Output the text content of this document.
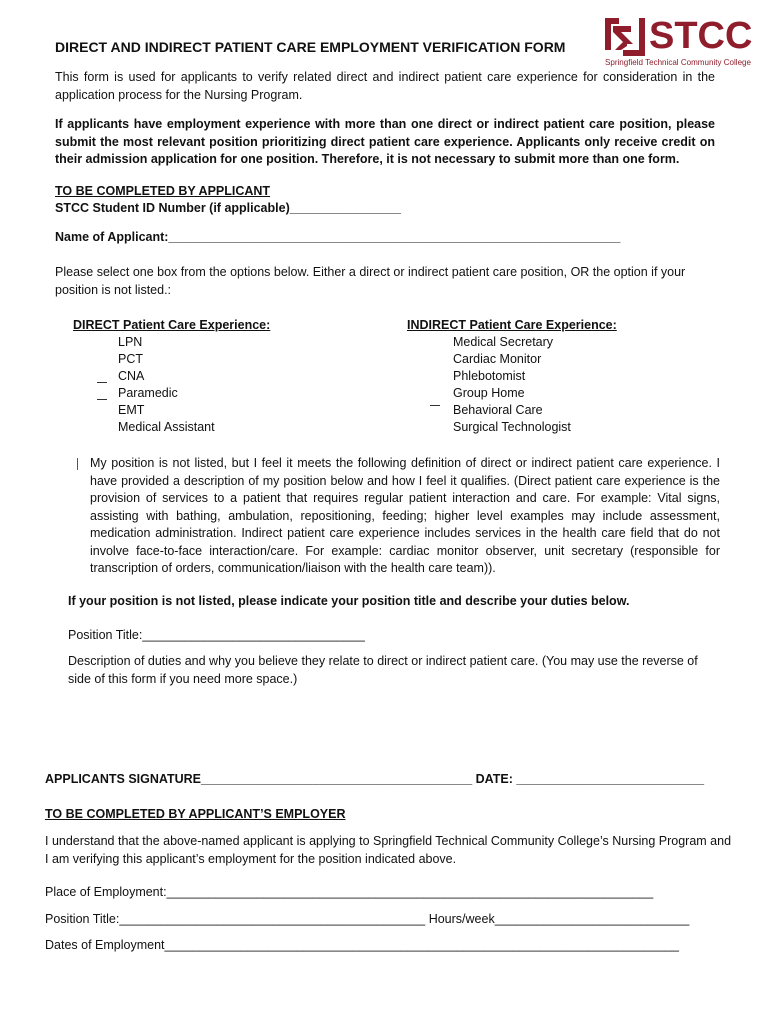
STCC
Springfield Technical Community College
DIRECT AND INDIRECT PATIENT CARE EMPLOYMENT VERIFICATION FORM
This form is used for applicants to verify related direct and indirect patient care experience for consideration in the application process for the Nursing Program.
If applicants have employment experience with more than one direct or indirect patient care position, please submit the most relevant position prioritizing direct patient care experience. Applicants only receive credit on their admission application for one position. Therefore, it is not necessary to submit more than one form.
TO BE COMPLETED BY APPLICANT
STCC Student ID Number (if applicable)________________
Name of Applicant:_________________________________________________________________
Please select one box from the options below. Either a direct or indirect patient care position, OR the option if your position is not listed.:
DIRECT Patient Care Experience:
LPN
PCT
CNA
Paramedic
EMT
Medical Assistant
INDIRECT Patient Care Experience:
Medical Secretary
Cardiac Monitor
Phlebotomist
Group Home
Behavioral Care
Surgical Technologist
My position is not listed, but I feel it meets the following definition of direct or indirect patient care experience. I have provided a description of my position below and how I feel it qualifies. (Direct patient care experience is the provision of services to a patient that requires regular patient interaction and care. For example: Vital signs, assisting with bathing, ambulation, repositioning, feeding; higher level examples may include assessment, medication administration. Indirect patient care experience includes services in the health care field that do not involve face-to-face interaction/care. For example: cardiac monitor observer, unit secretary (responsible for transcription of orders, communication/liaison with the health care team)).
If your position is not listed, please indicate your position title and describe your duties below.
Position Title:________________________________
Description of duties and why you believe they relate to direct or indirect patient care. (You may use the reverse of side of this form if you need more space.)
APPLICANTS SIGNATURE_______________________________________ DATE: ___________________________
TO BE COMPLETED BY APPLICANT’S EMPLOYER
I understand that the above-named applicant is applying to Springfield Technical Community College’s Nursing Program and I am verifying this applicant’s employment for the position indicated above.
Place of Employment:______________________________________________________________________
Position Title:____________________________________________ Hours/week____________________________
Dates of Employment__________________________________________________________________________
